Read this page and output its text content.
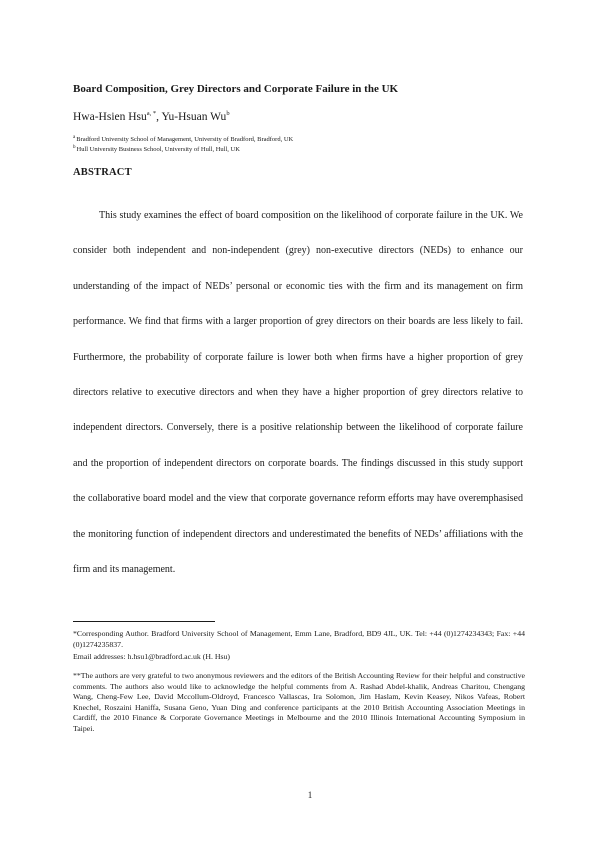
Board Composition, Grey Directors and Corporate Failure in the UK
Hwa-Hsien Hsu$^{a, *}$, Yu-Hsuan Wu$^b$
$^a$Bradford University School of Management, University of Bradford, Bradford, UK
$^b$Hull University Business School, University of Hull, Hull, UK
ABSTRACT

This study examines the effect of board composition on the likelihood of corporate failure in the UK. We consider both independent and non-independent (grey) non-executive directors (NEDs) to enhance our understanding of the impact of NEDs’ personal or economic ties with the firm and its management on firm performance. We find that firms with a larger proportion of grey directors on their boards are less likely to fail. Furthermore, the probability of corporate failure is lower both when firms have a higher proportion of grey directors relative to executive directors and when they have a higher proportion of grey directors relative to independent directors. Conversely, there is a positive relationship between the likelihood of corporate failure and the proportion of independent directors on corporate boards. The findings discussed in this study support the collaborative board model and the view that corporate governance reform efforts may have overemphasised the monitoring function of independent directors and underestimated the benefits of NEDs’ affiliations with the firm and its management.

*Corresponding Author. Bradford University School of Management, Emm Lane, Bradford, BD9 4JL, UK. Tel: +44 (0)1274234343; Fax: +44 (0)1274235837.

Email addresses: h.hsu1@bradford.ac.uk (H. Hsu)

**The authors are very grateful to two anonymous reviewers and the editors of the British Accounting Review for their helpful and constructive comments. The authors also would like to acknowledge the helpful comments from A. Rashad Abdel-khalik, Andreas Charitou, Chengang Wang, Cheng-Few Lee, David Mccollum-Oldroyd, Francesco Vallascas, Ira Solomon, Jim Haslam, Kevin Keasey, Nikos Vafeas, Robert Knechel, Roszaini Haniffa, Susana Geno, Yuan Ding and conference participants at the 2010 British Accounting Association Meetings in Cardiff, the 2010 Finance & Corporate Governance Meetings in Melbourne and the 2010 Illinois International Accounting Symposium in Taipei.

1
